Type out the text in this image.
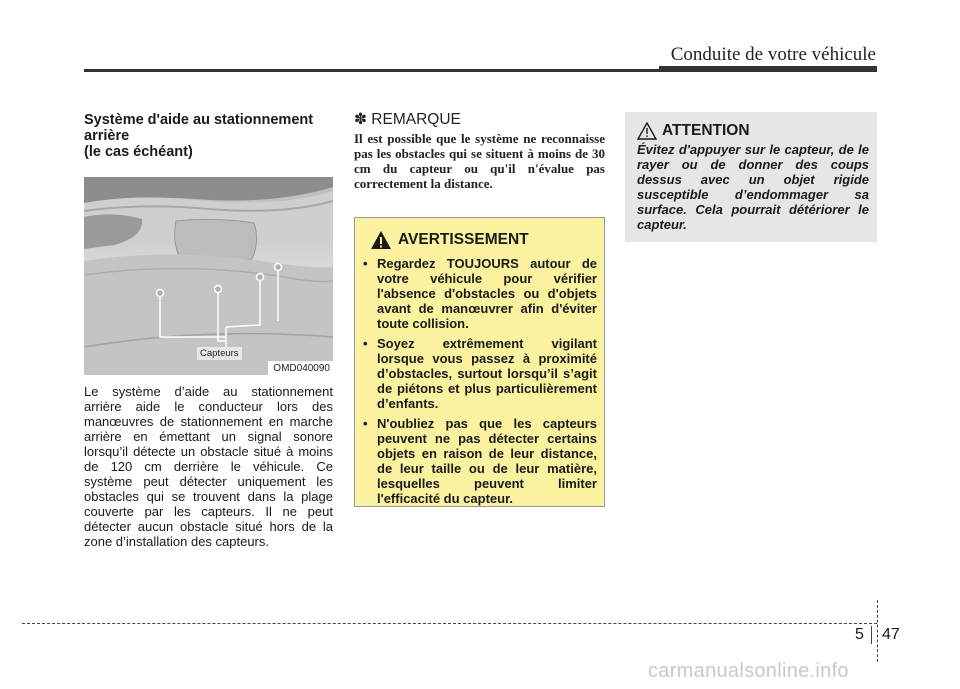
Conduite de votre véhicule
Système d'aide au stationnement
arrière
(le cas échéant)
Capteurs
OMD040090

Le système d’aide au stationnement arrière aide le conducteur lors des manœuvres de stationnement en marche arrière en émettant un signal sonore lorsqu’il détecte un obstacle situé à moins de 120 cm derrière le véhicule. Ce système peut détecter uniquement les obstacles qui se trouvent dans la plage couverte par les capteurs. Il ne peut détecter aucun obstacle situé hors de la zone d’installation des capteurs.

✽ REMARQUE

Il est possible que le système ne reconnaisse pas les obstacles qui se situent à moins de 30 cm du capteur ou qu'il n'évalue pas correctement la distance.

AVERTISSEMENT
• Regardez TOUJOURS autour de votre véhicule pour vérifier l'absence d'obstacles ou d'objets avant de manœuvrer afin d'éviter toute collision.
• Soyez extrêmement vigilant lorsque vous passez à proximité d’obstacles, surtout lorsqu’il s’agit de piétons et plus particulièrement d’enfants.
• N'oubliez pas que les capteurs peuvent ne pas détecter certains objets en raison de leur distance, de leur taille ou de leur matière, lesquelles peuvent limiter l'efficacité du capteur.
ATTENTION

Évitez d'appuyer sur le capteur, de le rayer ou de donner des coups dessus avec un objet rigide susceptible d’endommager sa surface. Cela pourrait détériorer le capteur.

5 47
carmanualsonline.info
